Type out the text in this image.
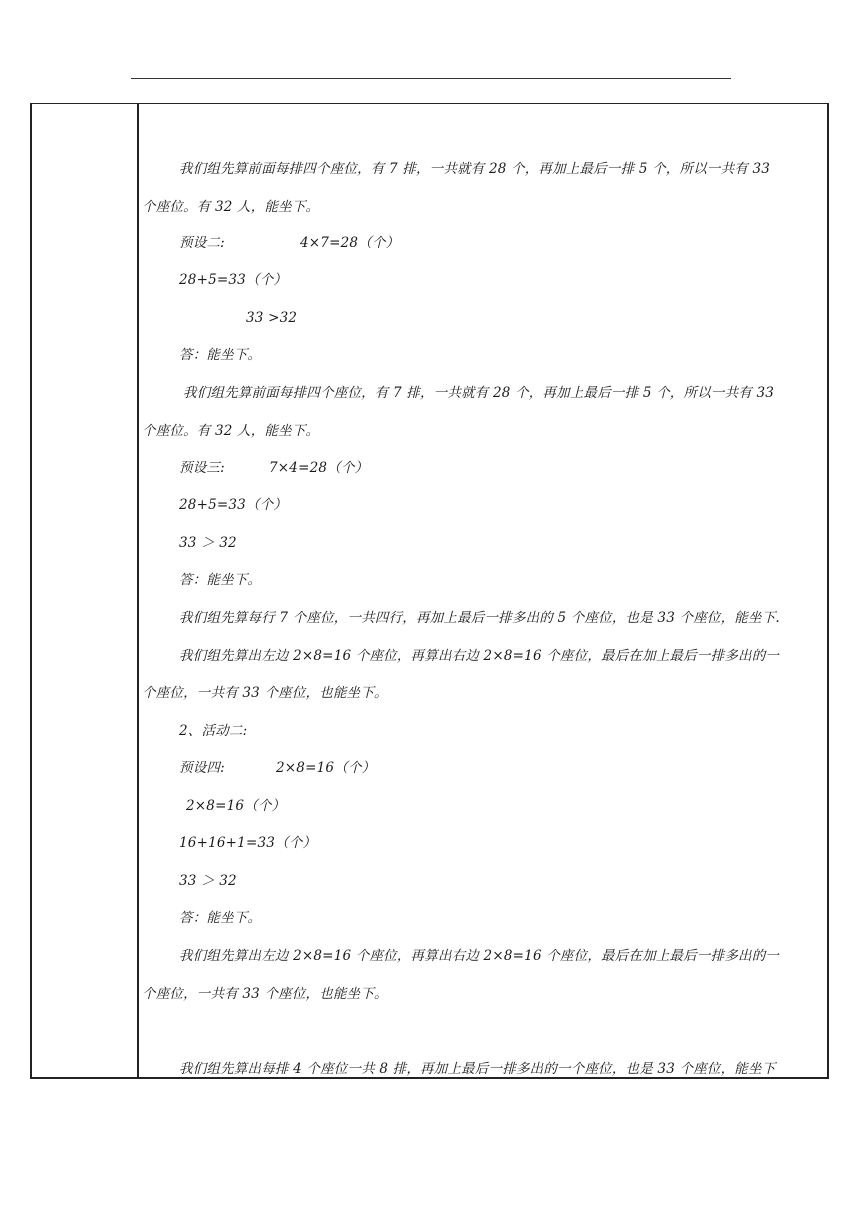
我们组先算前面每排四个座位，有 7 排，一共就有 28 个，再加上最后一排 5 个，所以一共有 33
个座位。有 32 人，能坐下。
预设二:	4×7=28（个）
28+5=33（个）
33 >32
答：能坐下。
我们组先算前面每排四个座位，有 7 排，一共就有 28 个，再加上最后一排 5 个，所以一共有 33
个座位。有 32 人，能坐下。
预设三:	7×4=28（个）
28+5=33（个）
33 ＞ 32
答：能坐下。
我们组先算每行 7 个座位，一共四行，再加上最后一排多出的 5 个座位，也是 33 个座位，能坐下.
我们组先算出左边 2×8=16 个座位，再算出右边 2×8=16 个座位，最后在加上最后一排多出的一
个座位，一共有 33 个座位，也能坐下。
2、活动二:
预设四:	2×8=16（个）
2×8=16（个）
16+16+1=33（个）
33 ＞ 32
答：能坐下。
我们组先算出左边 2×8=16 个座位，再算出右边 2×8=16 个座位，最后在加上最后一排多出的一
个座位，一共有 33 个座位，也能坐下。
我们组先算出每排 4 个座位一共 8 排，再加上最后一排多出的一个座位，也是 33 个座位，能坐下
